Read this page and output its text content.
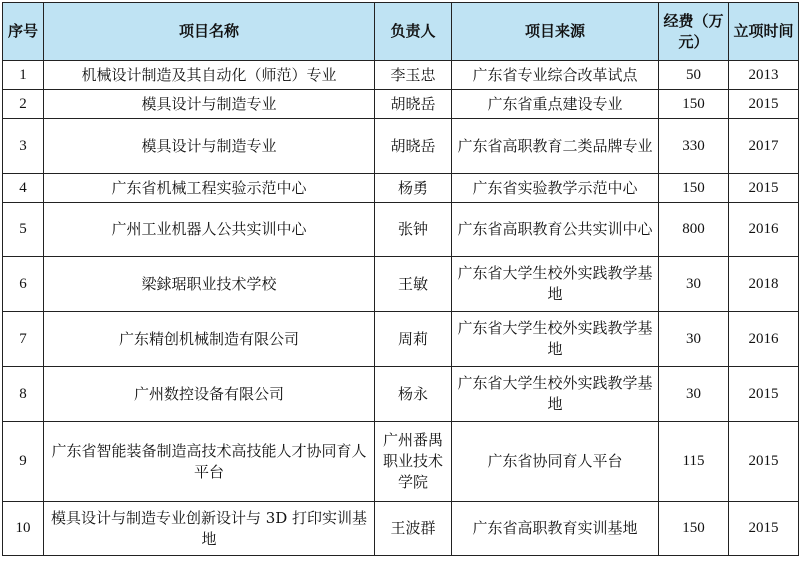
序号	项目名称	负责人	项目来源	经费（万元）	立项时间
1	机械设计制造及其自动化（师范）专业	李玉忠	广东省专业综合改革试点	50	2013
2	模具设计与制造专业	胡晓岳	广东省重点建设专业	150	2015
3	模具设计与制造专业	胡晓岳	广东省高职教育二类品牌专业	330	2017
4	广东省机械工程实验示范中心	杨勇	广东省实验教学示范中心	150	2015
5	广州工业机器人公共实训中心	张钟	广东省高职教育公共实训中心	800	2016
6	梁銶琚职业技术学校	王敏	广东省大学生校外实践教学基地	30	2018
7	广东精创机械制造有限公司	周莉	广东省大学生校外实践教学基地	30	2016
8	广州数控设备有限公司	杨永	广东省大学生校外实践教学基地	30	2015
9	广东省智能装备制造高技术高技能人才协同育人平台	广州番禺职业技术学院	广东省协同育人平台	115	2015
10	模具设计与制造专业创新设计与 3D 打印实训基地	王波群	广东省高职教育实训基地	150	2015
